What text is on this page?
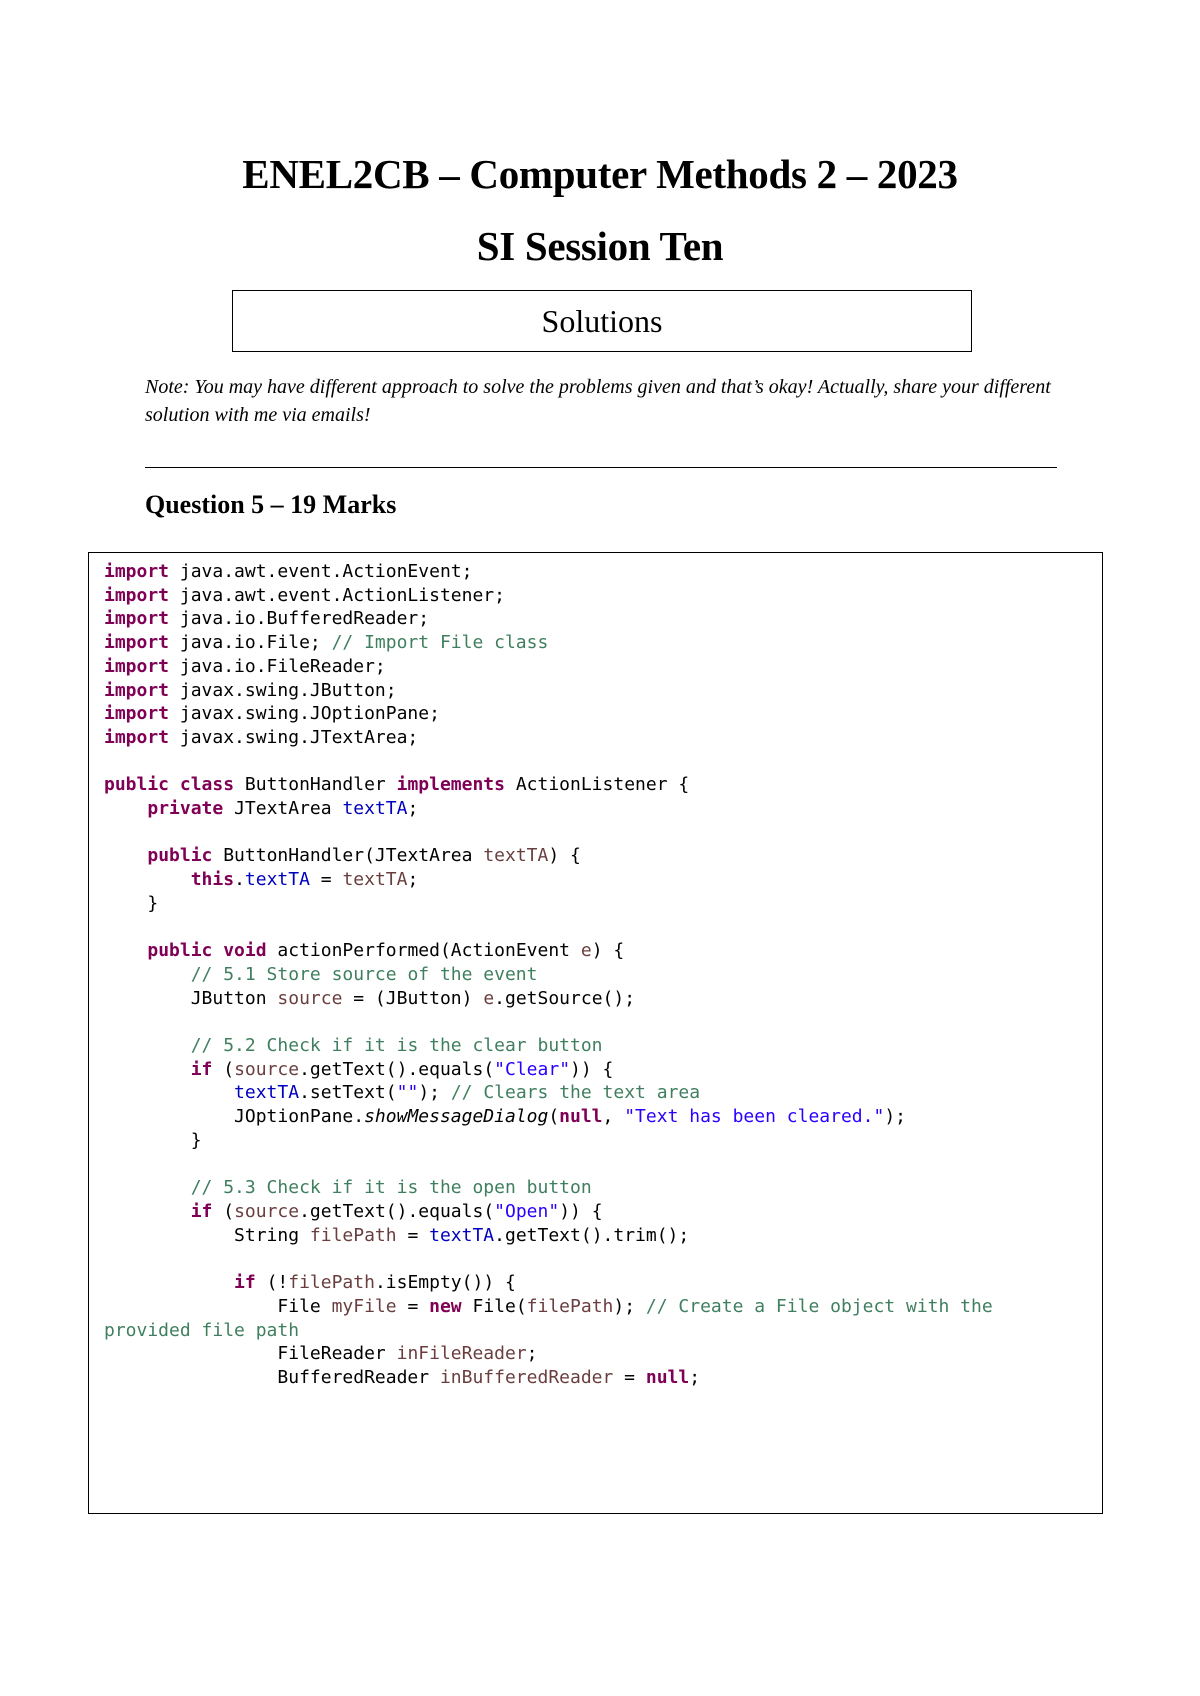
ENEL2CB – Computer Methods 2 – 2023
SI Session Ten
Solutions
Note: You may have different approach to solve the problems given and that’s okay! Actually, share your different solution with me via emails!
Question 5 – 19 Marks
import java.awt.event.ActionEvent;
import java.awt.event.ActionListener;
import java.io.BufferedReader;
import java.io.File; // Import File class
import java.io.FileReader;
import javax.swing.JButton;
import javax.swing.JOptionPane;
import javax.swing.JTextArea;

public class ButtonHandler implements ActionListener {
private JTextArea textTA;

public ButtonHandler(JTextArea textTA) {
this.textTA = textTA;
}

public void actionPerformed(ActionEvent e) {
// 5.1 Store source of the event
JButton source = (JButton) e.getSource();

// 5.2 Check if it is the clear button
if (source.getText().equals("Clear")) {
textTA.setText(""); // Clears the text area
JOptionPane.showMessageDialog(null, "Text has been cleared.");
}

// 5.3 Check if it is the open button
if (source.getText().equals("Open")) {
String filePath = textTA.getText().trim();

if (!filePath.isEmpty()) {
File myFile = new File(filePath); // Create a File object with the
provided file path
FileReader inFileReader;
BufferedReader inBufferedReader = null;
